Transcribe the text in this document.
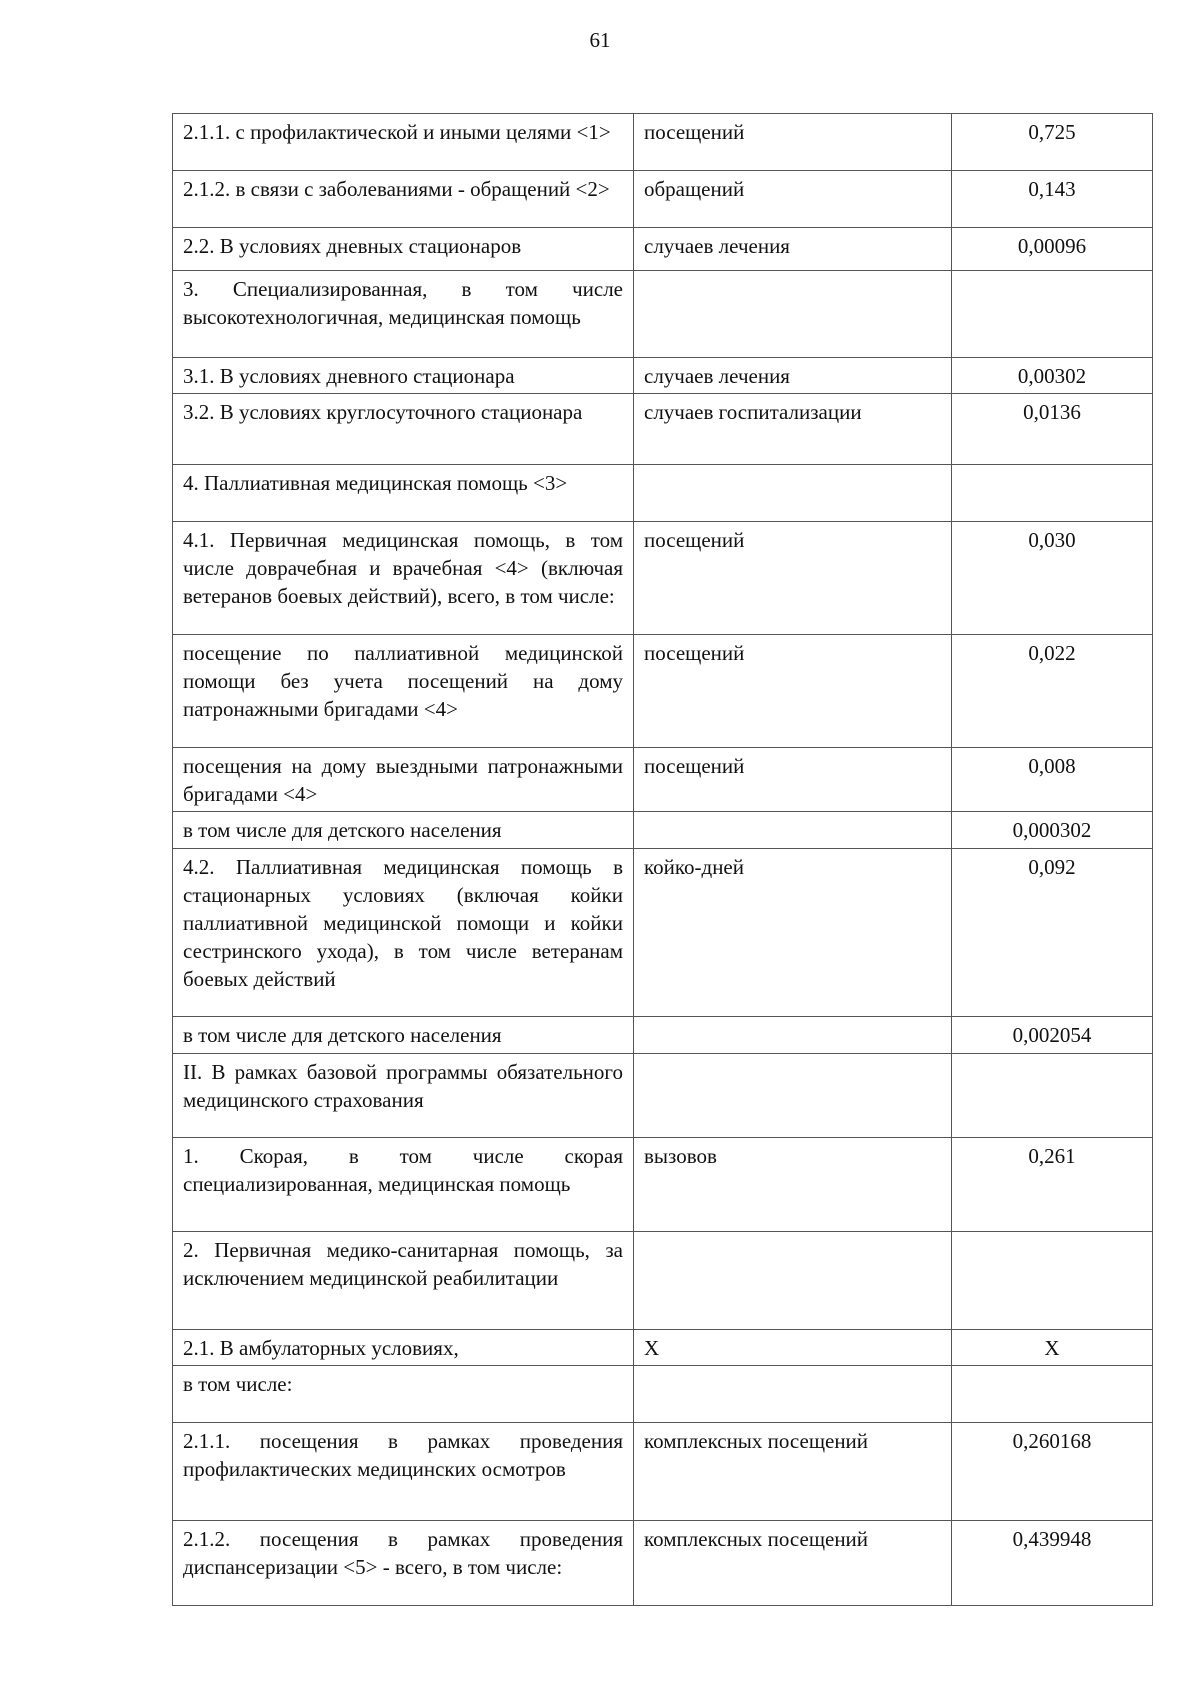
61
2.1.1. с профилактической и иными целями <1>	посещений	0,725
2.1.2. в связи с заболеваниями - обращений <2>	обращений	0,143
2.2. В условиях дневных стационаров	случаев лечения	0,00096
3. Специализированная, в том числе высокотехнологичная, медицинская помощь		
3.1. В условиях дневного стационара	случаев лечения	0,00302
3.2. В условиях круглосуточного стационара	случаев госпитализации	0,0136
4. Паллиативная медицинская помощь <3>		
4.1. Первичная медицинская помощь, в том числе доврачебная и врачебная <4> (включая ветеранов боевых действий), всего, в том числе:	посещений	0,030
посещение по паллиативной медицинской помощи без учета посещений на дому патронажными бригадами <4>	посещений	0,022
посещения на дому выездными патронажными бригадами <4>	посещений	0,008
в том числе для детского населения		0,000302
4.2. Паллиативная медицинская помощь в стационарных условиях (включая койки паллиативной медицинской помощи и койки сестринского ухода), в том числе ветеранам боевых действий	койко-дней	0,092
в том числе для детского населения		0,002054
II. В рамках базовой программы обязательного медицинского страхования		
1. Скорая, в том числе скорая специализированная, медицинская помощь	вызовов	0,261
2. Первичная медико-санитарная помощь, за исключением медицинской реабилитации		
2.1. В амбулаторных условиях,	Х	Х
в том числе:		
2.1.1. посещения в рамках проведения профилактических медицинских осмотров	комплексных посещений	0,260168
2.1.2. посещения в рамках проведения диспансеризации <5> - всего, в том числе:	комплексных посещений	0,439948
